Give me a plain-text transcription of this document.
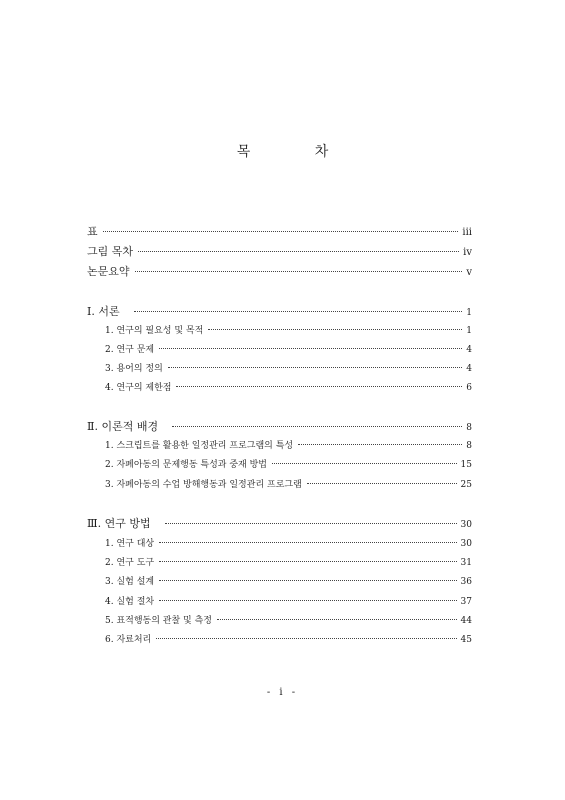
목 차
표	iii
그림 목차	iv
논문요약	v
Ⅰ. 서론	1
1. 연구의 필요성 및 목적	1
2. 연구 문제	4
3. 용어의 정의	4
4. 연구의 제한점	6
Ⅱ. 이론적 배경	8
1. 스크립트를 활용한 일정관리 프로그램의 특성	8
2. 자폐아동의 문제행동 특성과 중재 방법	15
3. 자폐아동의 수업 방해행동과 일정관리 프로그램	25
Ⅲ. 연구 방법	30
1. 연구 대상	30
2. 연구 도구	31
3. 실험 설계	36
4. 실험 절차	37
5. 표적행동의 관찰 및 측정	44
6. 자료처리	45
- i -
